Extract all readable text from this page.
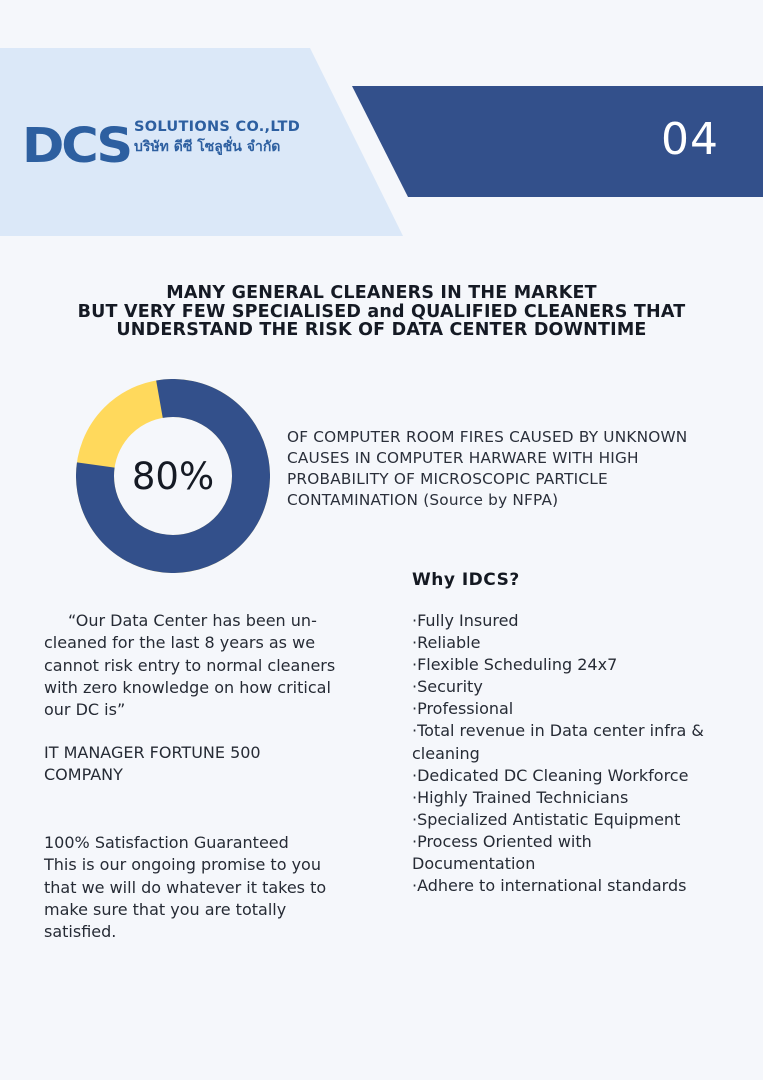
DCS SOLUTIONS CO.,LTD
บริษัท ดีซี โซลูชั่น จำกัด	04
MANY GENERAL CLEANERS IN THE MARKET
BUT VERY FEW SPECIALISED and QUALIFIED CLEANERS THAT
UNDERSTAND THE RISK OF DATA CENTER DOWNTIME
80%
OF COMPUTER ROOM FIRES CAUSED BY UNKNOWN CAUSES IN COMPUTER HARWARE WITH HIGH PROBABILITY OF MICROSCOPIC PARTICLE CONTAMINATION (Source by NFPA)
Why IDCS?
·Fully Insured
·Reliable
·Flexible Scheduling 24x7
·Security
·Professional
·Total revenue in Data center infra & cleaning
·Dedicated DC Cleaning Workforce
·Highly Trained Technicians
·Specialized Antistatic Equipment
·Process Oriented with Documentation
·Adhere to international standards
“Our Data Center has been un-cleaned for the last 8 years as we cannot risk entry to normal cleaners with zero knowledge on how critical our DC is”
IT MANAGER FORTUNE 500 COMPANY
100% Satisfaction Guaranteed
This is our ongoing promise to you that we will do whatever it takes to make sure that you are totally satisfied.
